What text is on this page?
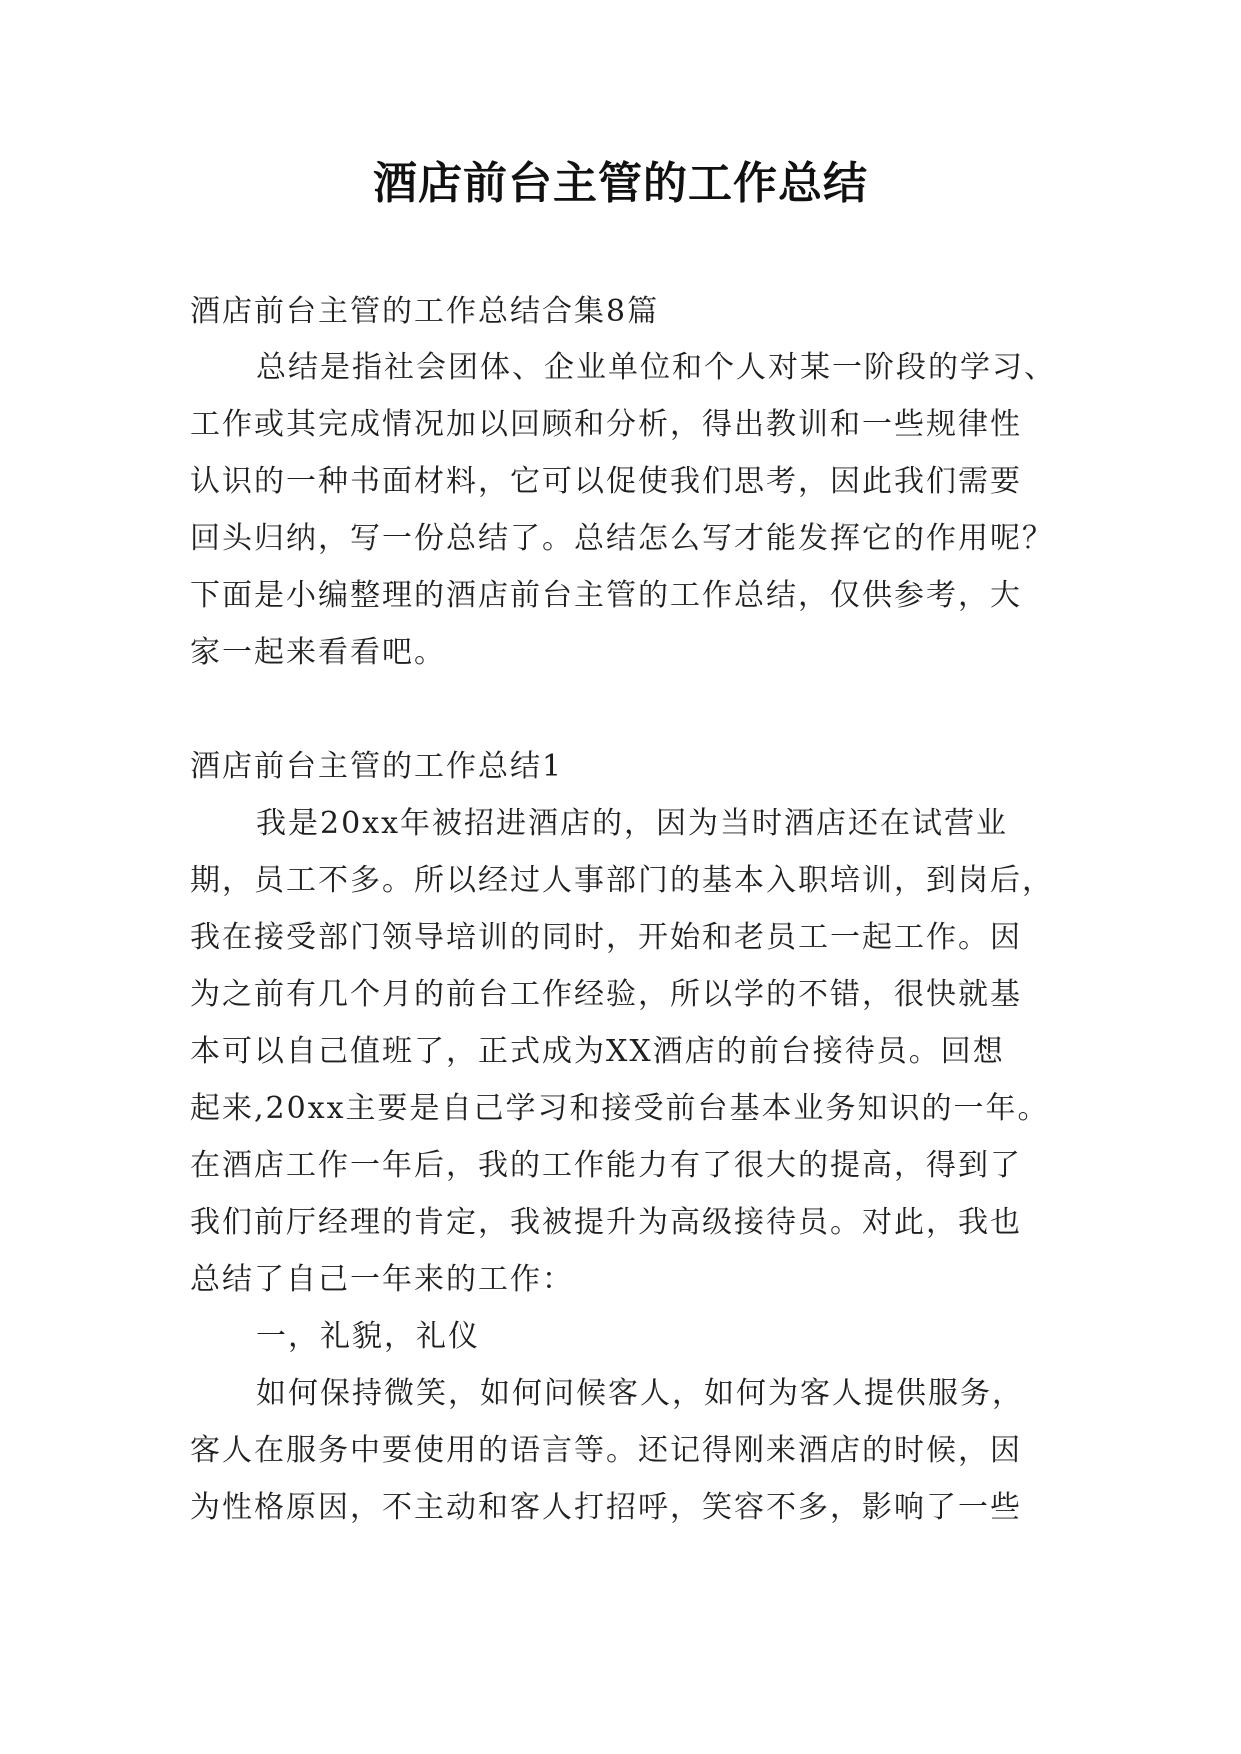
酒店前台主管的工作总结
酒店前台主管的工作总结合集8篇
总结是指社会团体、企业单位和个人对某一阶段的学习、
工作或其完成情况加以回顾和分析，得出教训和一些规律性
认识的一种书面材料，它可以促使我们思考，因此我们需要
回头归纳，写一份总结了。总结怎么写才能发挥它的作用呢？
下面是小编整理的酒店前台主管的工作总结，仅供参考，大
家一起来看看吧。
酒店前台主管的工作总结1
我是20xx年被招进酒店的，因为当时酒店还在试营业
期，员工不多。所以经过人事部门的基本入职培训，到岗后，
我在接受部门领导培训的同时，开始和老员工一起工作。因
为之前有几个月的前台工作经验，所以学的不错，很快就基
本可以自己值班了，正式成为XX酒店的前台接待员。回想
起来,20xx主要是自己学习和接受前台基本业务知识的一年。
在酒店工作一年后，我的工作能力有了很大的提高，得到了
我们前厅经理的肯定，我被提升为高级接待员。对此，我也
总结了自己一年来的工作：
一，礼貌，礼仪
如何保持微笑，如何问候客人，如何为客人提供服务，
客人在服务中要使用的语言等。还记得刚来酒店的时候，因
为性格原因，不主动和客人打招呼，笑容不多，影响了一些
